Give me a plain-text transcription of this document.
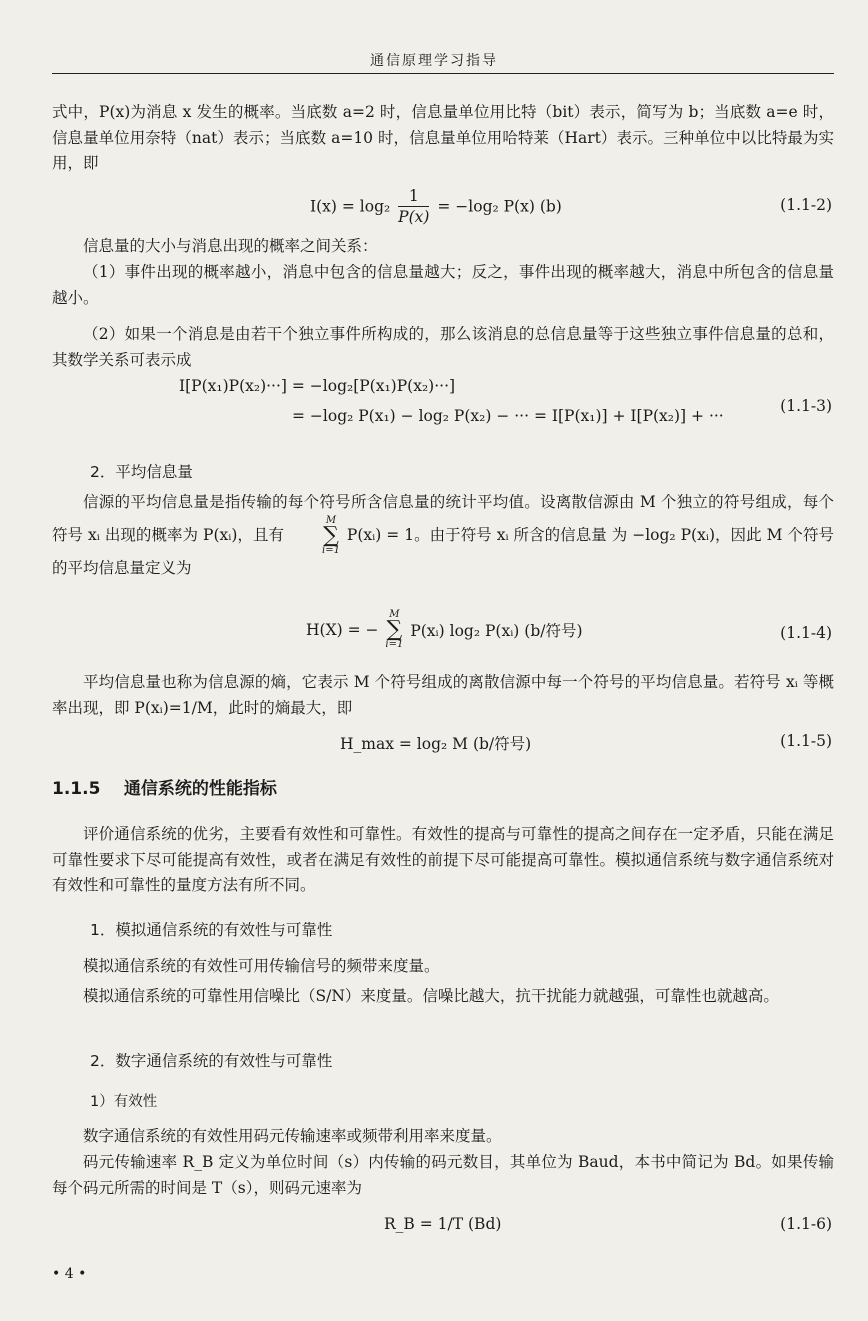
通信原理学习指导

式中，P(x)为消息 x 发生的概率。当底数 a=2 时，信息量单位用比特（bit）表示，简写为 b；当底数 a=e 时，信息量单位用奈特（nat）表示；当底数 a=10 时，信息量单位用哈特莱（Hart）表示。三种单位中以比特最为实用，即

$I(x) = \log_2 \frac{1}{P(x)} = -\log_2$ P(x) (b)	(1.1-2)

信息量的大小与消息出现的概率之间关系：

（1）事件出现的概率越小，消息中包含的信息量越大；反之，事件出现的概率越大，消息中所包含的信息量越小。

（2）如果一个消息是由若干个独立事件所构成的，那么该消息的总信息量等于这些独立事件信息量的总和，其数学关系可表示成

I[P(x₁)P(x₂)···] = −log₂[P(x₁)P(x₂)···]
= −log₂ P(x₁) − log₂ P(x₂) − ··· = I[P(x₁)] + I[P(x₂)] + ···
(1.1-3)
2．平均信息量

信源的平均信息量是指传输的每个符号所含信息量的统计平均值。设离散信源由 M 个独立的符号组成，每个符号 xᵢ 出现的概率为 P(xᵢ)，且有
M
∑
i=1
P(xᵢ) = 1。由于符号 xᵢ 所含的信息量 为 −log₂ P(xᵢ)，因此 M 个符号的平均信息量定义为

H(X) = −
M
∑
i=1
P(xᵢ) log₂ P(xᵢ) (b/符号)	(1.1-4)

平均信息量也称为信息源的熵，它表示 M 个符号组成的离散信源中每一个符号的平均信息量。若符号 xᵢ 等概率出现，即 P(xᵢ)=1/M，此时的熵最大，即

H_max = log₂ M (b/符号)	(1.1-5)
1.1.5 通信系统的性能指标

评价通信系统的优劣，主要看有效性和可靠性。有效性的提高与可靠性的提高之间存在一定矛盾，只能在满足可靠性要求下尽可能提高有效性，或者在满足有效性的前提下尽可能提高可靠性。模拟通信系统与数字通信系统对有效性和可靠性的量度方法有所不同。

1．模拟通信系统的有效性与可靠性

模拟通信系统的有效性可用传输信号的频带来度量。

模拟通信系统的可靠性用信噪比（S/N）来度量。信噪比越大，抗干扰能力就越强，可靠性也就越高。

2．数字通信系统的有效性与可靠性
1）有效性

数字通信系统的有效性用码元传输速率或频带利用率来度量。

码元传输速率 R_B 定义为单位时间（s）内传输的码元数目，其单位为 Baud，本书中简记为 Bd。如果传输每个码元所需的时间是 T（s），则码元速率为

R_B = 1/T (Bd)	(1.1-6)
• 4 •
